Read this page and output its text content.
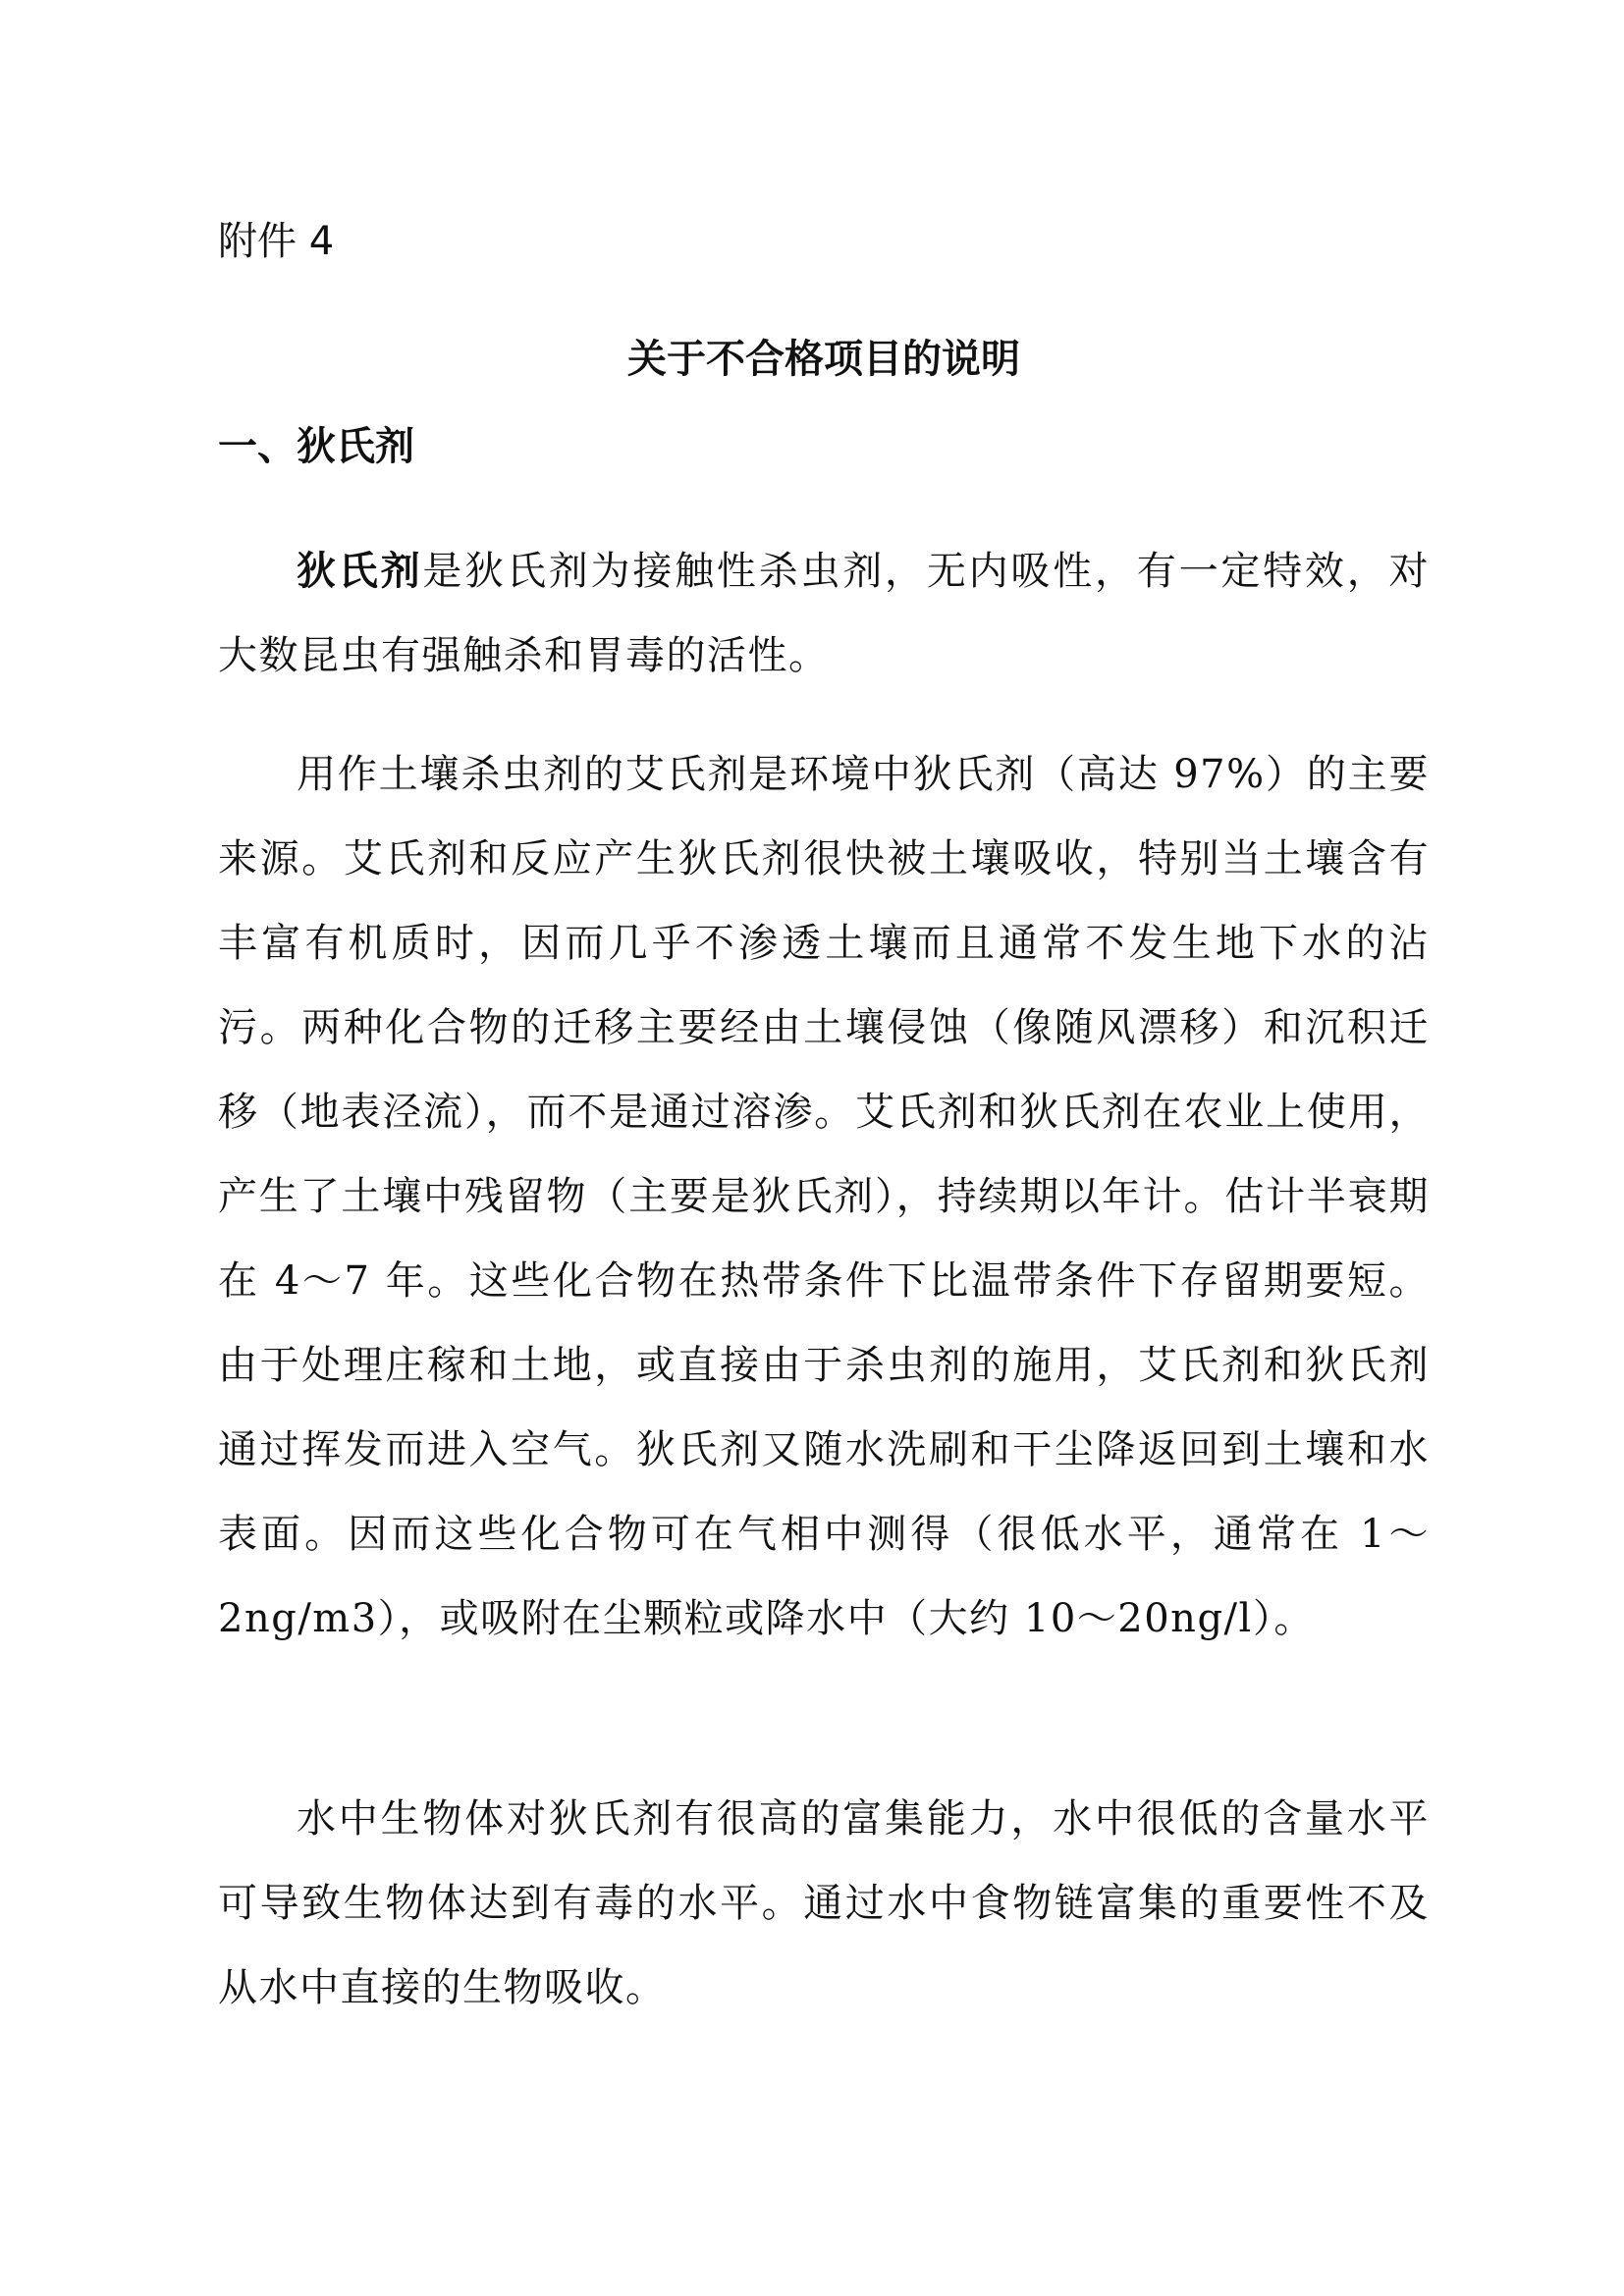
附件 4

关于不合格项目的说明
一、狄氏剂

狄氏剂是狄氏剂为接触性杀虫剂，无内吸性，有一定特效，对大数昆虫有强触杀和胃毒的活性。

用作土壤杀虫剂的艾氏剂是环境中狄氏剂（高达 97%）的主要来源。艾氏剂和反应产生狄氏剂很快被土壤吸收，特别当土壤含有丰富有机质时，因而几乎不渗透土壤而且通常不发生地下水的沾污。两种化合物的迁移主要经由土壤侵蚀（像随风漂移）和沉积迁移（地表泾流），而不是通过溶渗。艾氏剂和狄氏剂在农业上使用，产生了土壤中残留物（主要是狄氏剂），持续期以年计。估计半衰期在 4～7 年。这些化合物在热带条件下比温带条件下存留期要短。由于处理庄稼和土地，或直接由于杀虫剂的施用，艾氏剂和狄氏剂通过挥发而进入空气。狄氏剂又随水洗刷和干尘降返回到土壤和水表面。因而这些化合物可在气相中测得（很低水平，通常在 1～2ng/m3），或吸附在尘颗粒或降水中（大约 10～20ng/l）。

水中生物体对狄氏剂有很高的富集能力，水中很低的含量水平可导致生物体达到有毒的水平。通过水中食物链富集的重要性不及从水中直接的生物吸收。
